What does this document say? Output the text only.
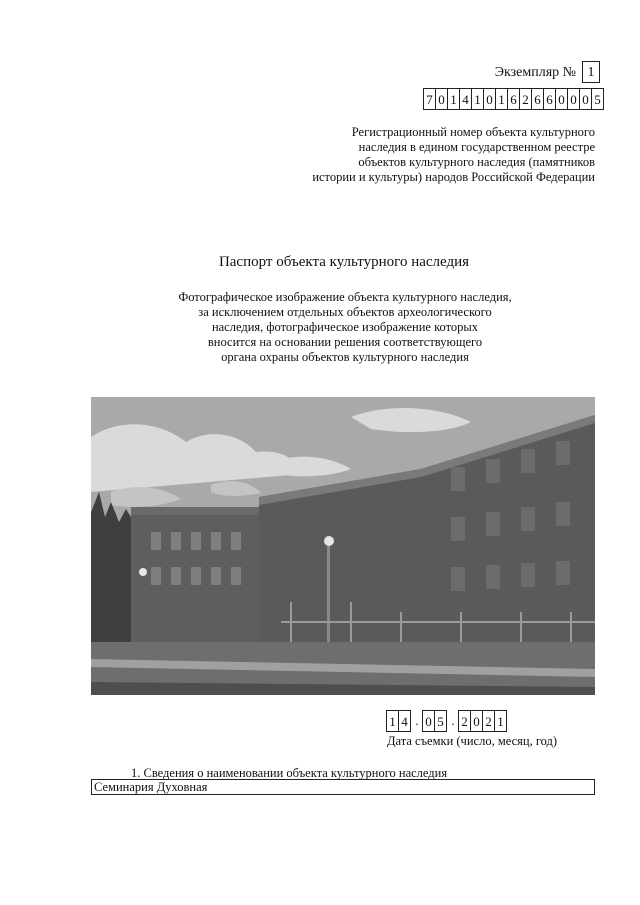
Экземпляр № 1
7 0 1 4 1 0 1 6 2 6 6 0 0 0 5
Регистрационный номер объекта культурного
наследия в едином государственном реестре
объектов культурного наследия (памятников
истории и культуры) народов Российской Федерации
Паспорт объекта культурного наследия
Фотографическое изображение объекта культурного наследия,
за исключением отдельных объектов археологического
наследия, фотографическое изображение которых
вносится на основании решения соответствующего
органа охраны объектов культурного наследия
1 4 . 0 5 . 2 0 2 1
Дата съемки (число, месяц, год)
1. Сведения о наименовании объекта культурного наследия
Семинария Духовная
